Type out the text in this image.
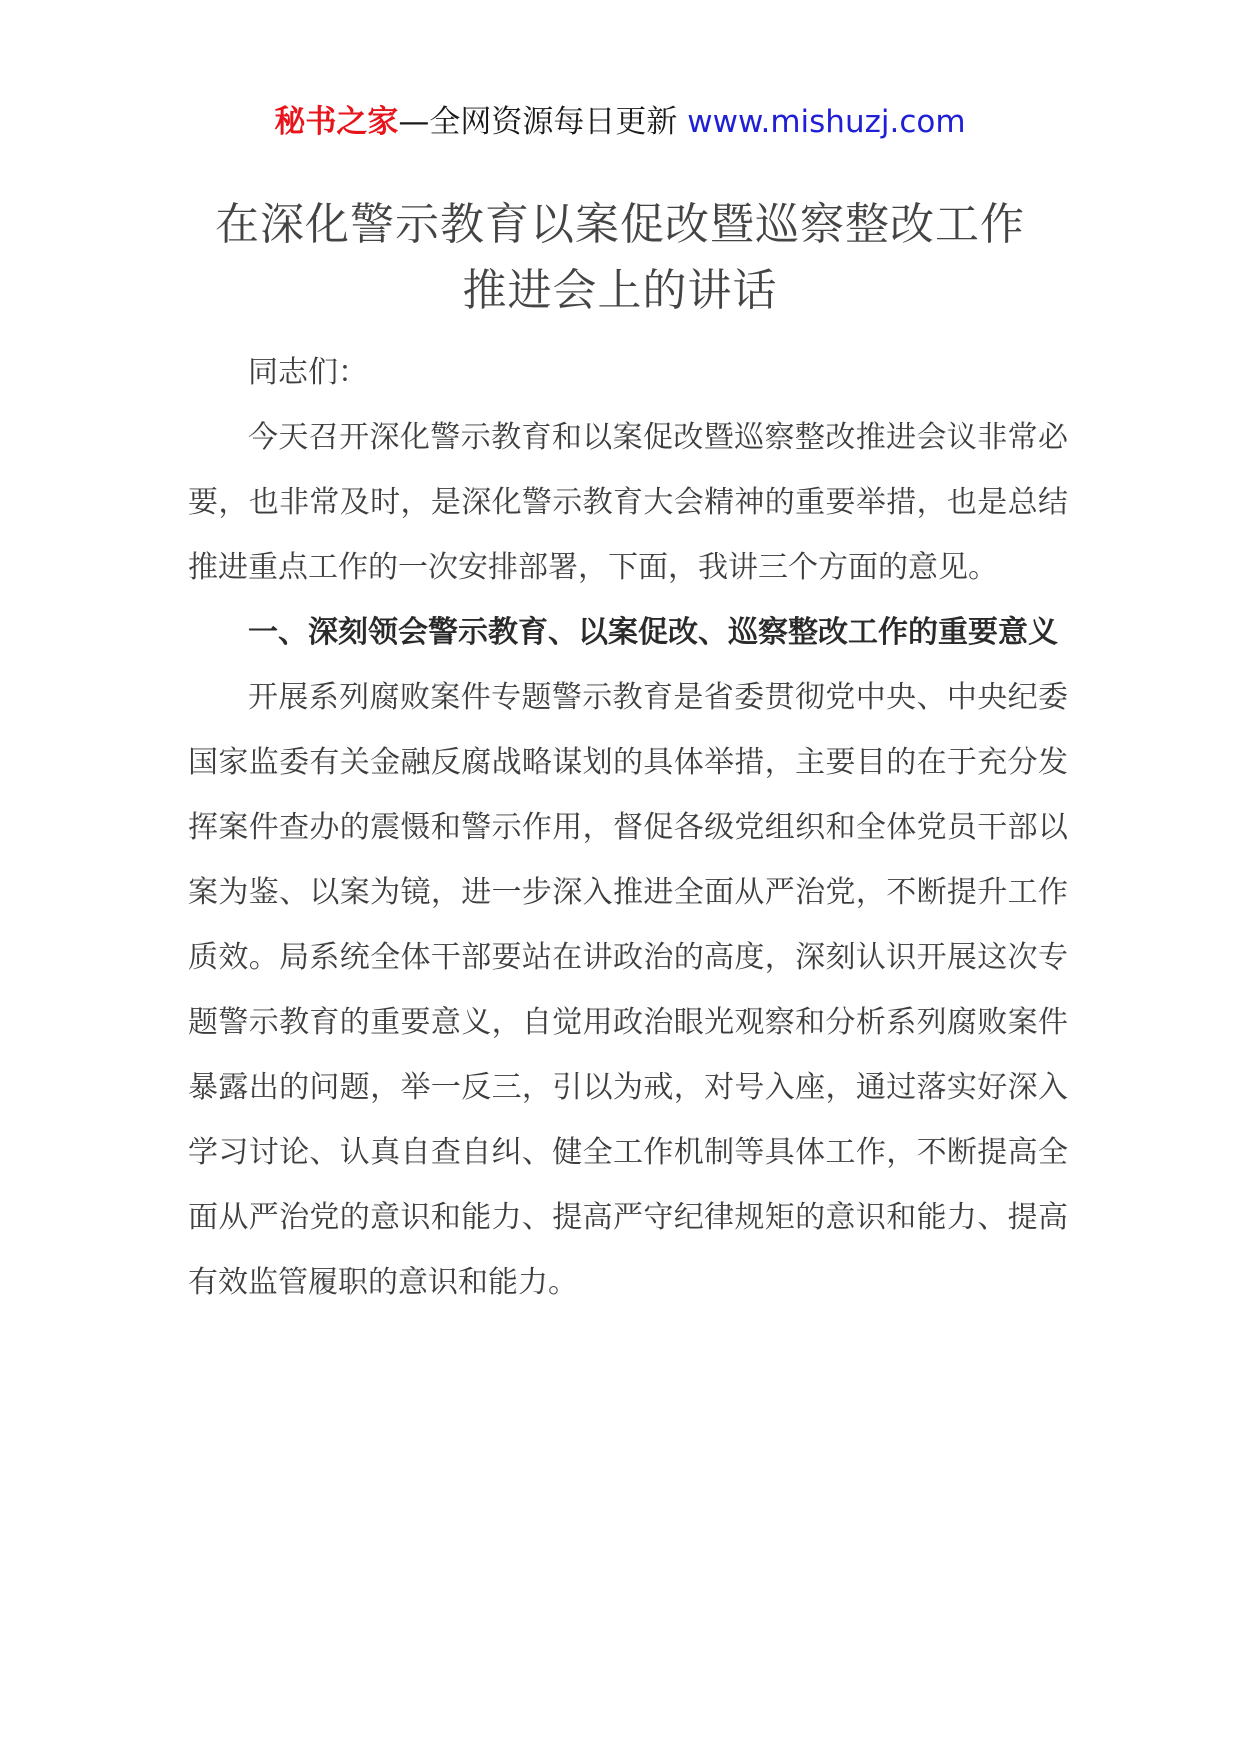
秘书之家—全网资源每日更新 www.mishuzj.com
在深化警示教育以案促改暨巡察整改工作
推进会上的讲话

同志们：

今天召开深化警示教育和以案促改暨巡察整改推进会议非常必要，也非常及时，是深化警示教育大会精神的重要举措，也是总结推进重点工作的一次安排部署，下面，我讲三个方面的意见。

一、深刻领会警示教育、以案促改、巡察整改工作的重要意义

开展系列腐败案件专题警示教育是省委贯彻党中央、中央纪委国家监委有关金融反腐战略谋划的具体举措，主要目的在于充分发挥案件查办的震慑和警示作用，督促各级党组织和全体党员干部以案为鉴、以案为镜，进一步深入推进全面从严治党，不断提升工作质效。局系统全体干部要站在讲政治的高度，深刻认识开展这次专题警示教育的重要意义，自觉用政治眼光观察和分析系列腐败案件暴露出的问题，举一反三，引以为戒，对号入座，通过落实好深入学习讨论、认真自查自纠、健全工作机制等具体工作，不断提高全面从严治党的意识和能力、提高严守纪律规矩的意识和能力、提高有效监管履职的意识和能力。
